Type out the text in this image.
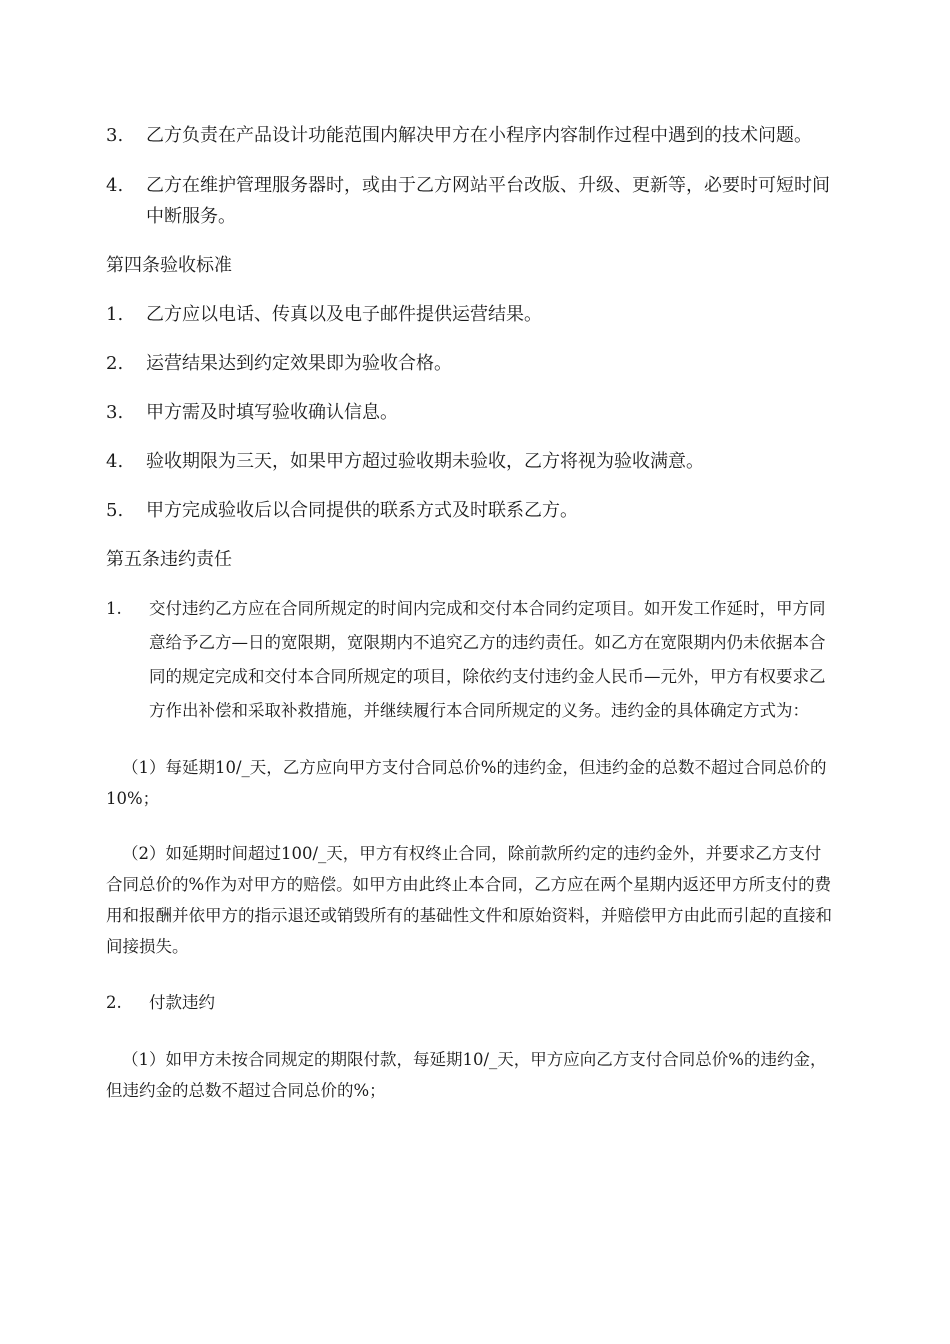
3.	乙方负责在产品设计功能范围内解决甲方在小程序内容制作过程中遇到的技术问题。
4.	乙方在维护管理服务器时，或由于乙方网站平台改版、升级、更新等，必要时可短时间中断服务。

第四条验收标准

1.	乙方应以电话、传真以及电子邮件提供运营结果。
2.	运营结果达到约定效果即为验收合格。
3.	甲方需及时填写验收确认信息。
4.	验收期限为三天，如果甲方超过验收期未验收，乙方将视为验收满意。
5.	甲方完成验收后以合同提供的联系方式及时联系乙方。

第五条违约责任

1.	交付违约乙方应在合同所规定的时间内完成和交付本合同约定项目。如开发工作延时，甲方同意给予乙方—日的宽限期，宽限期内不追究乙方的违约责任。如乙方在宽限期内仍未依据本合同的规定完成和交付本合同所规定的项目，除依约支付违约金人民币—元外，甲方有权要求乙方作出补偿和采取补救措施，并继续履行本合同所规定的义务。违约金的具体确定方式为：

（1）每延期10/_天，乙方应向甲方支付合同总价%的违约金，但违约金的总数不超过合同总价的10%；

（2）如延期时间超过100/_天，甲方有权终止合同，除前款所约定的违约金外，并要求乙方支付合同总价的%作为对甲方的赔偿。如甲方由此终止本合同，乙方应在两个星期内返还甲方所支付的费用和报酬并依甲方的指示退还或销毁所有的基础性文件和原始资料，并赔偿甲方由此而引起的直接和间接损失。

2.	付款违约

（1）如甲方未按合同规定的期限付款，每延期10/_天，甲方应向乙方支付合同总价%的违约金，但违约金的总数不超过合同总价的%；
